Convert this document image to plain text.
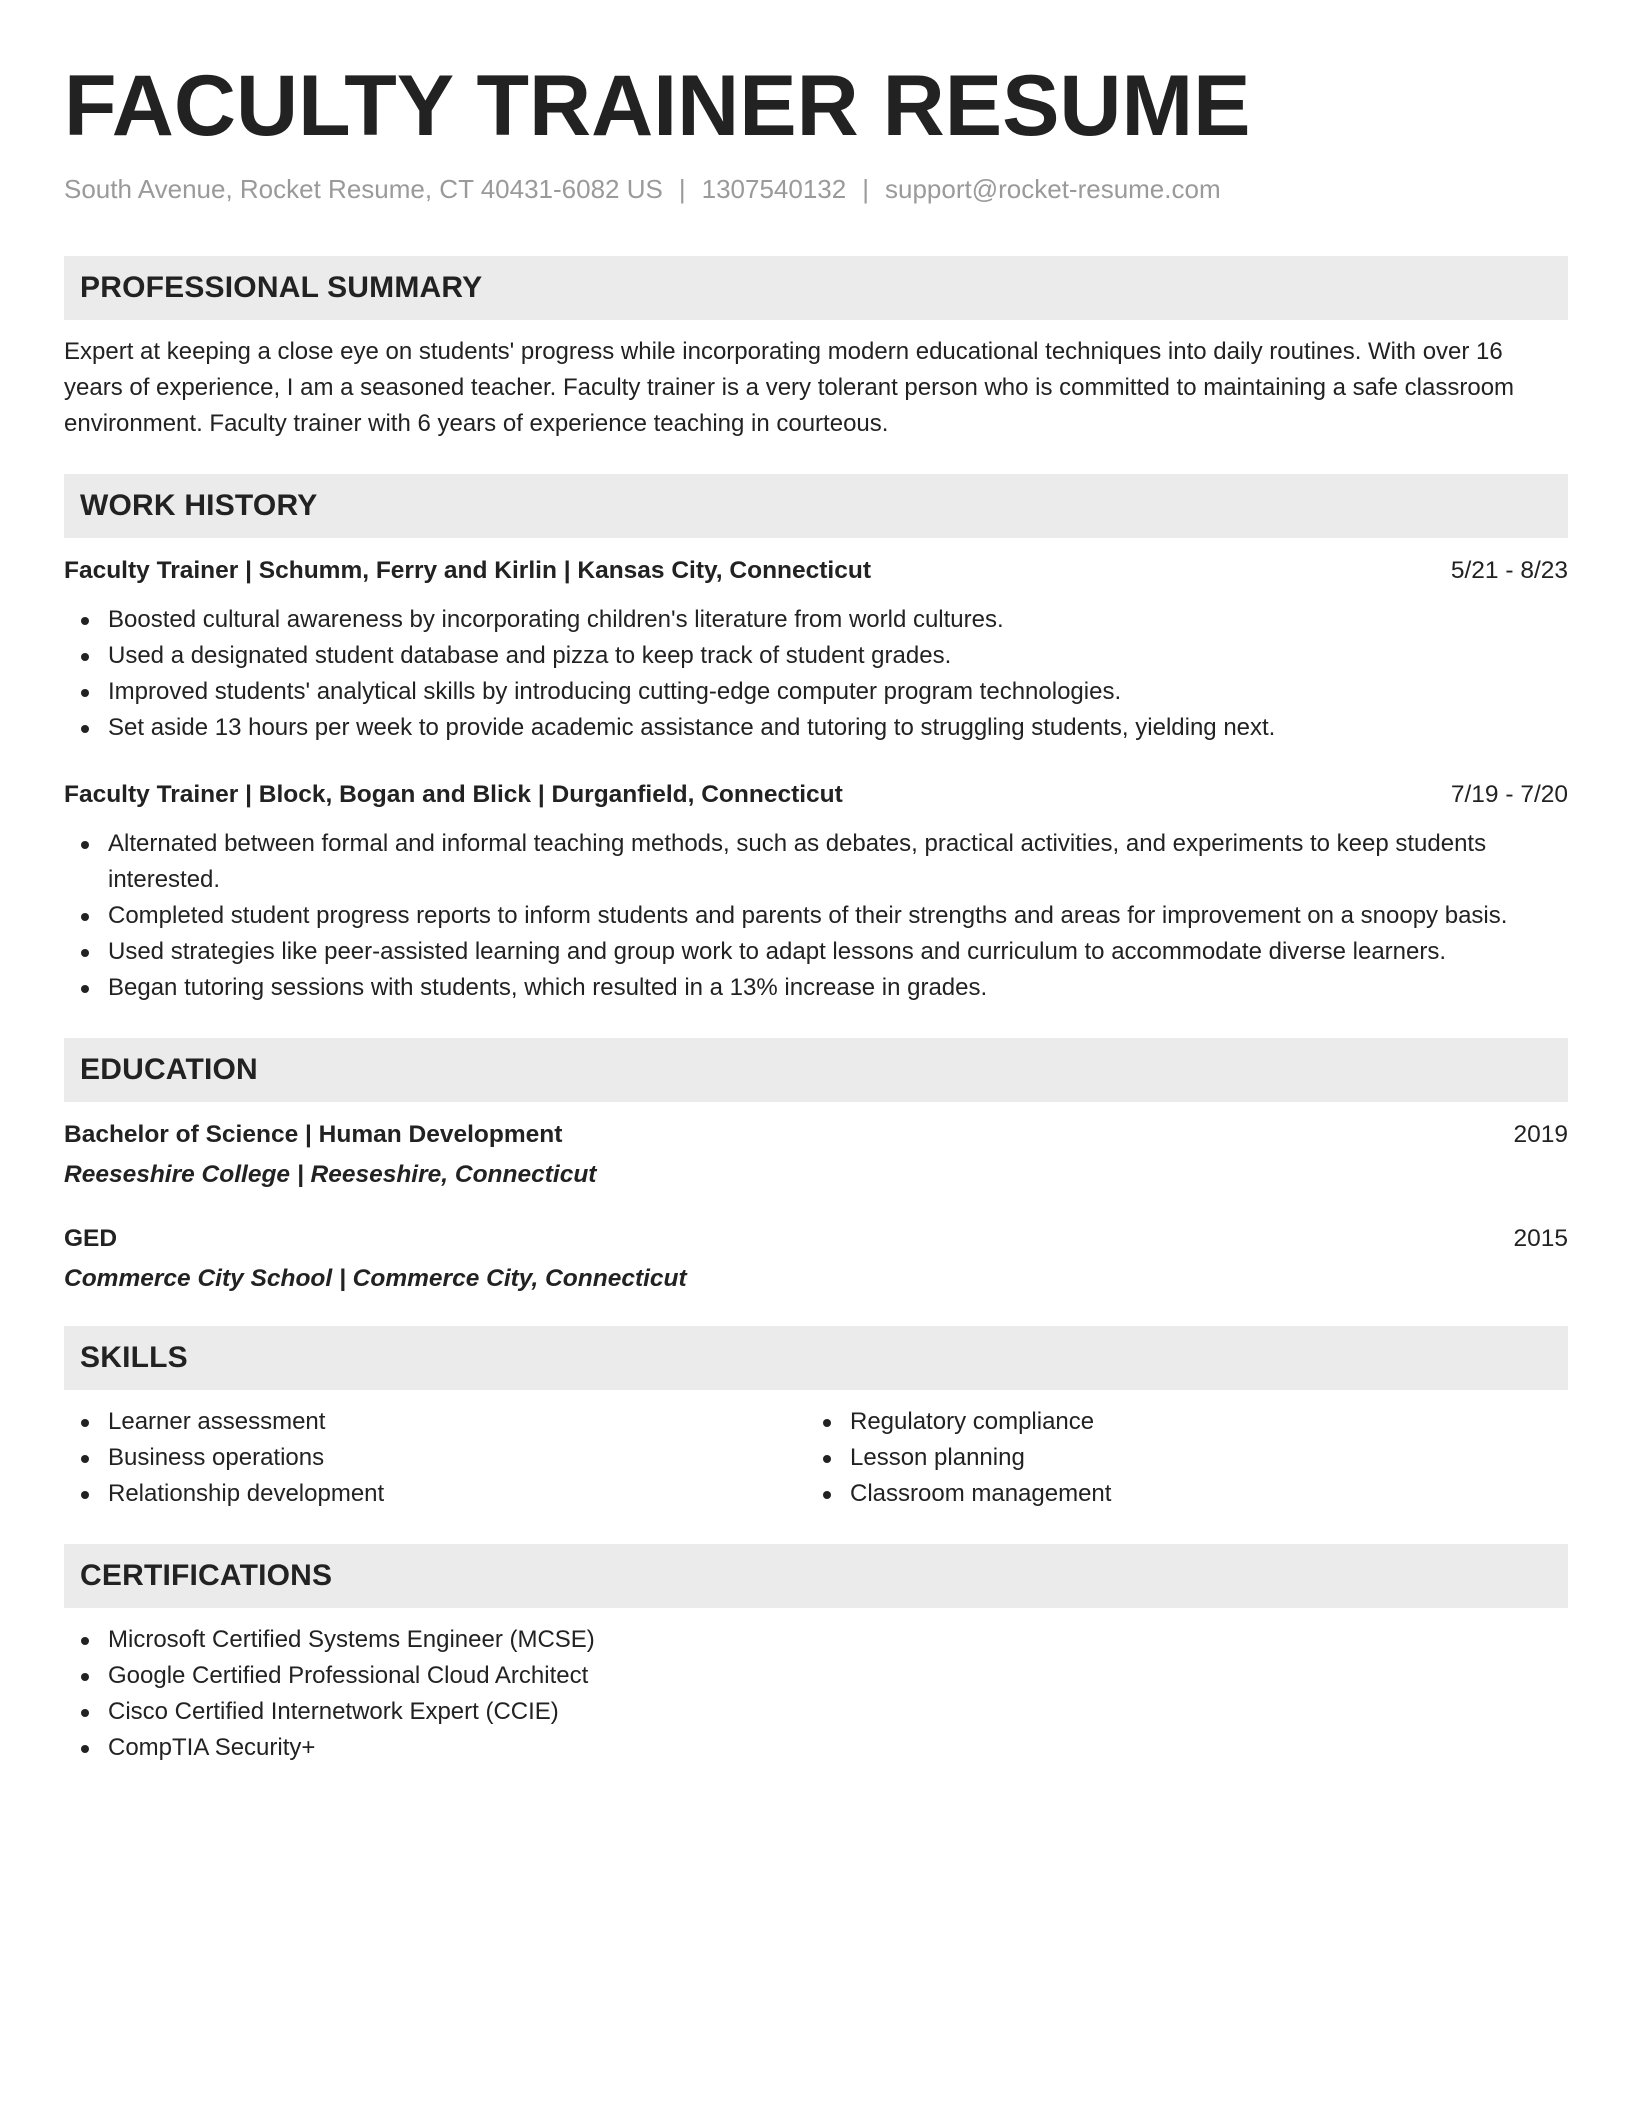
FACULTY TRAINER RESUME
South Avenue, Rocket Resume, CT 40431-6082 US | 1307540132 | support@rocket-resume.com
PROFESSIONAL SUMMARY

Expert at keeping a close eye on students' progress while incorporating modern educational techniques into daily routines. With over 16 years of experience, I am a seasoned teacher. Faculty trainer is a very tolerant person who is committed to maintaining a safe classroom environment. Faculty trainer with 6 years of experience teaching in courteous.

WORK HISTORY
Faculty Trainer | Schumm, Ferry and Kirlin | Kansas City, Connecticut	5/21 - 8/23
Boosted cultural awareness by incorporating children's literature from world cultures.
Used a designated student database and pizza to keep track of student grades.
Improved students' analytical skills by introducing cutting-edge computer program technologies.
Set aside 13 hours per week to provide academic assistance and tutoring to struggling students, yielding next.
Faculty Trainer | Block, Bogan and Blick | Durganfield, Connecticut	7/19 - 7/20
Alternated between formal and informal teaching methods, such as debates, practical activities, and experiments to keep students interested.
Completed student progress reports to inform students and parents of their strengths and areas for improvement on a snoopy basis.
Used strategies like peer-assisted learning and group work to adapt lessons and curriculum to accommodate diverse learners.
Began tutoring sessions with students, which resulted in a 13% increase in grades.
EDUCATION
Bachelor of Science | Human Development	2019
Reeseshire College | Reeseshire, Connecticut
GED	2015
Commerce City School | Commerce City, Connecticut
SKILLS
Learner assessment
Business operations
Relationship development
Regulatory compliance
Lesson planning
Classroom management
CERTIFICATIONS
Microsoft Certified Systems Engineer (MCSE)
Google Certified Professional Cloud Architect
Cisco Certified Internetwork Expert (CCIE)
CompTIA Security+
